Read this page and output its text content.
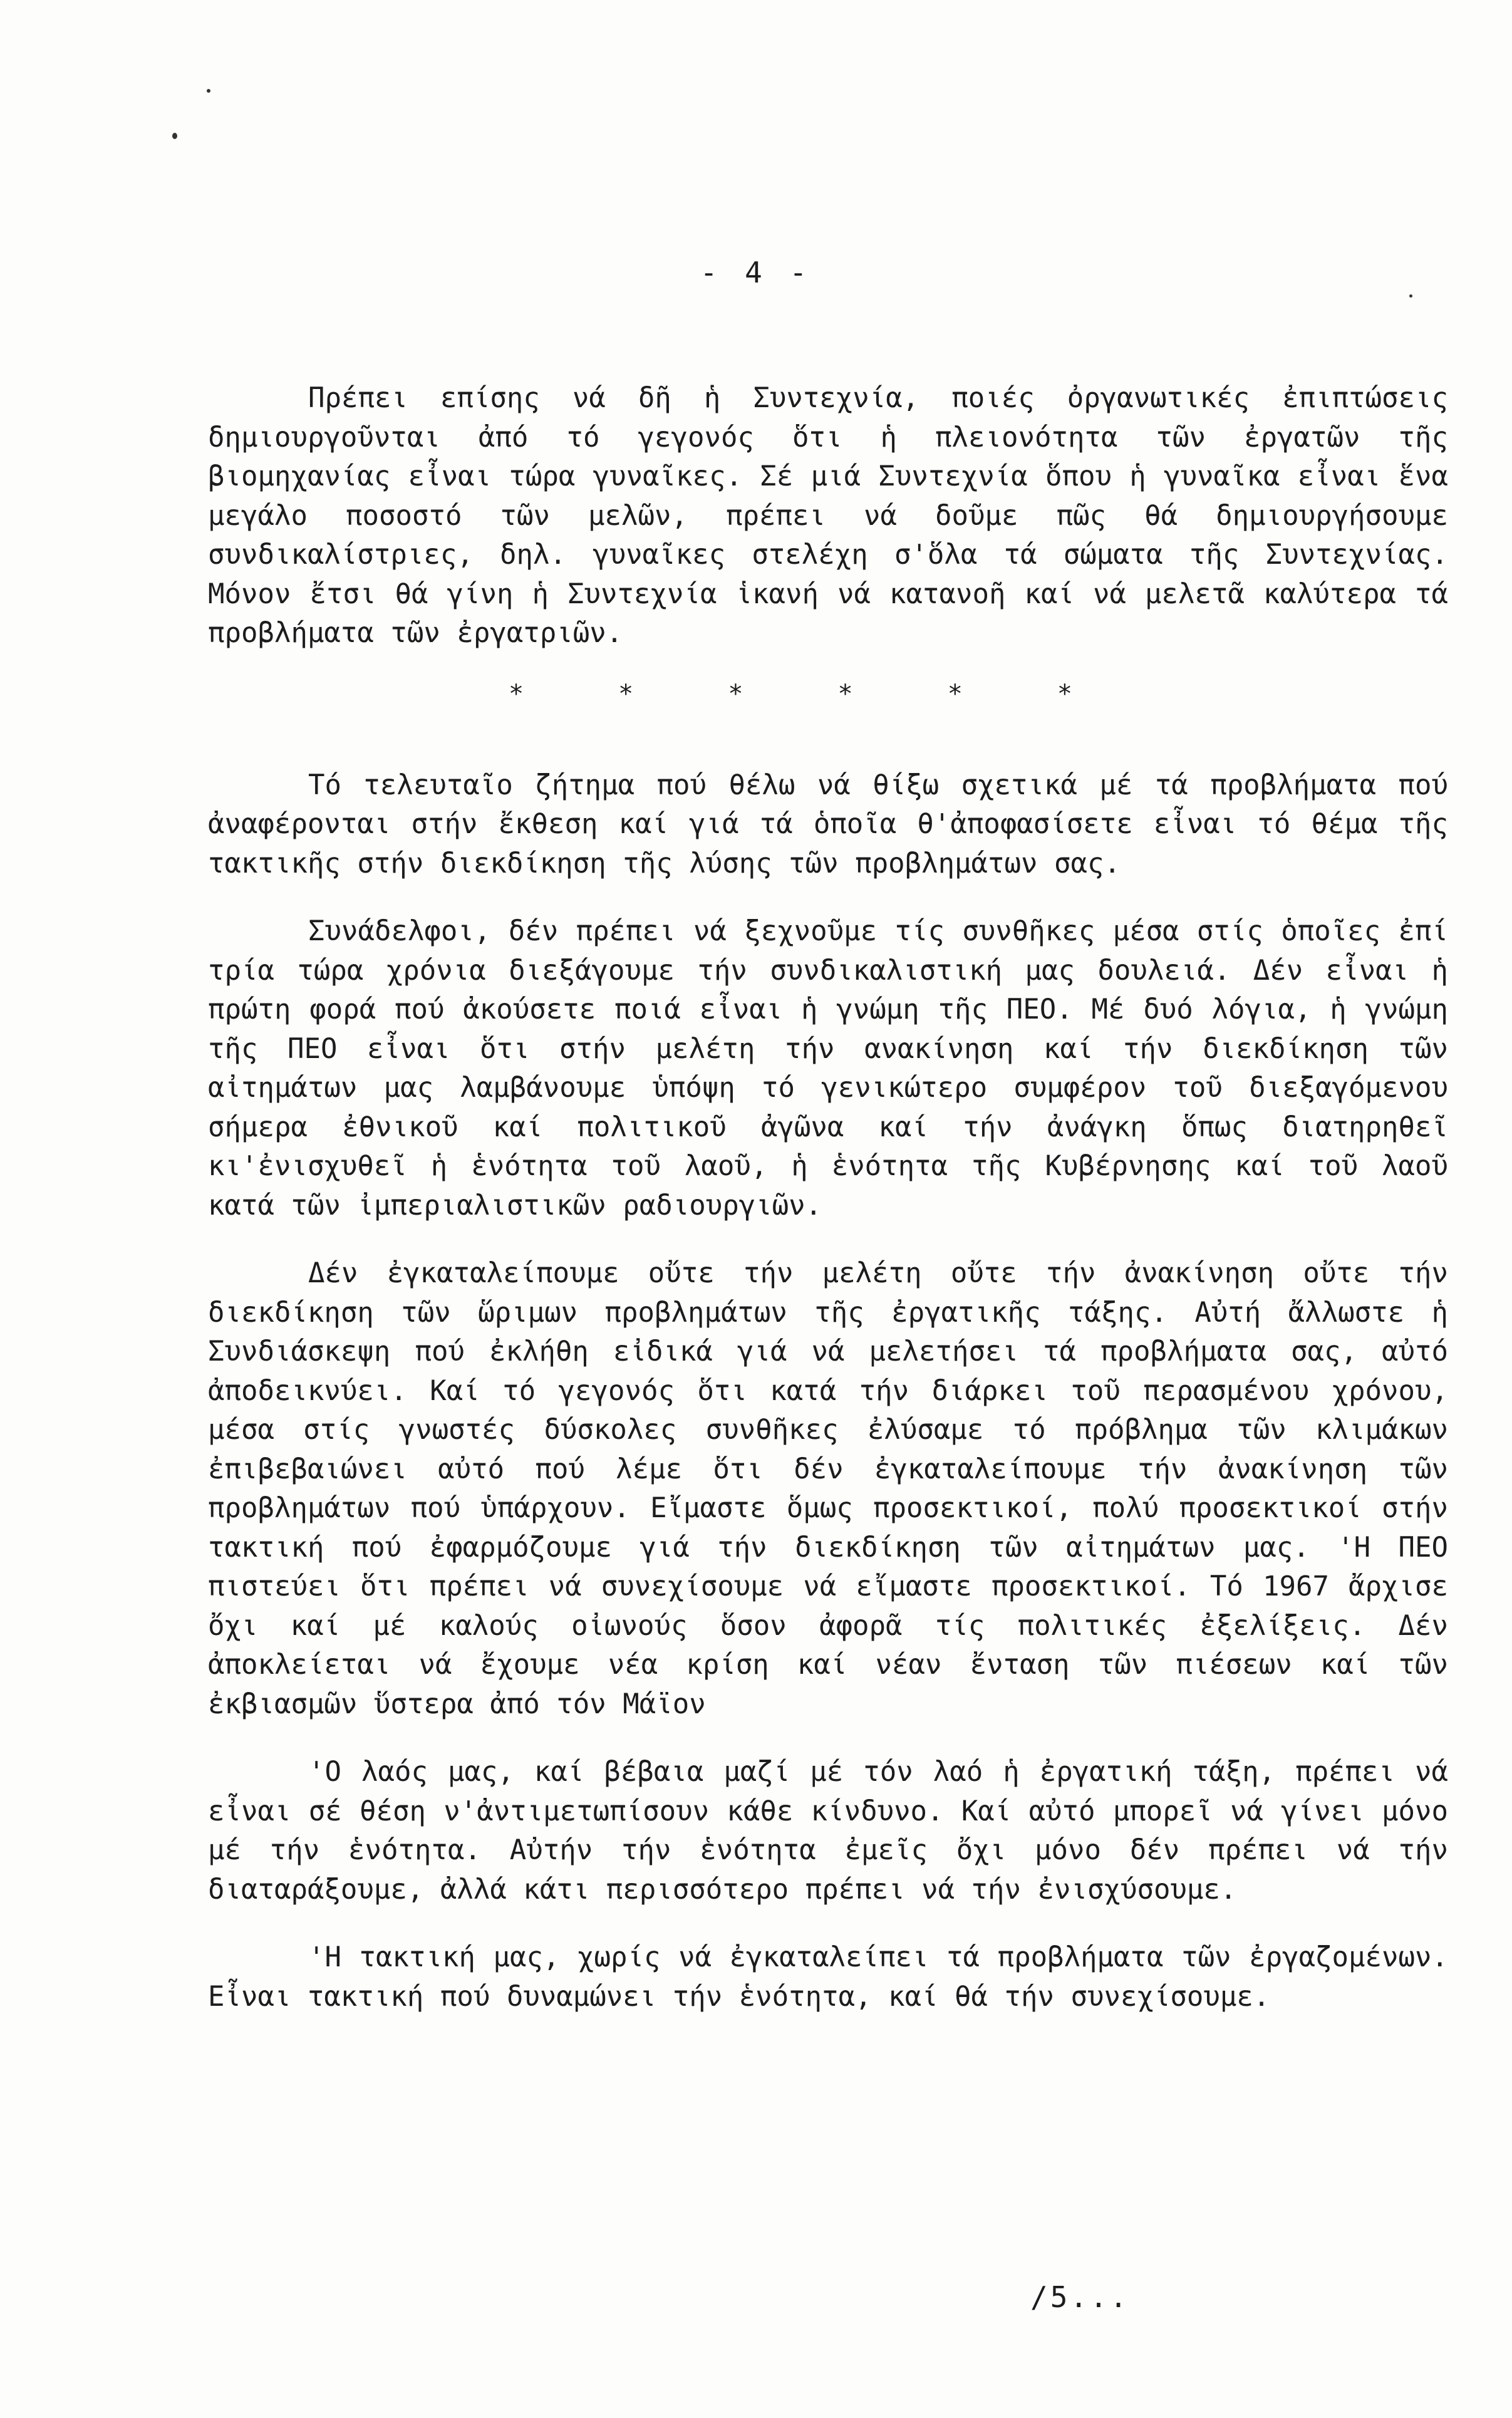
- 4 -

Πρέπει επίσης νά δῆ ἡ Συντεχνία, ποιές ὀργανωτικές ἐπιπτώσεις δημιουργοῦνται ἀπό τό γεγονός ὅτι ἡ πλειονότητα τῶν ἐργατῶν τῆς βιομηχανίας εἶναι τώρα γυναῖκες. Σέ μιά Συντεχνία ὅπου ἡ γυναῖκα εἶναι ἕνα μεγάλο ποσοστό τῶν μελῶν, πρέπει νά δοῦμε πῶς θά δημιουργήσουμε συνδικαλίστριες, δηλ. γυναῖκες στελέχη σ'ὅλα τά σώματα τῆς Συντεχνίας. Μόνον ἔτσι θά γίνη ἡ Συντεχνία ἱκανή νά κατανοῆ καί νά μελετᾶ καλύτερα τά προβλήματα τῶν ἐργατριῶν.

*	*	*	*	*	*

Τό τελευταῖο ζήτημα πού θέλω νά θίξω σχετικά μέ τά προβλήματα πού ἀναφέρονται στήν ἔκθεση καί γιά τά ὁποῖα θ'ἀποφασίσετε εἶναι τό θέμα τῆς τακτικῆς στήν διεκδίκηση τῆς λύσης τῶν προβλημάτων σας.

Συνάδελφοι, δέν πρέπει νά ξεχνοῦμε τίς συνθῆκες μέσα στίς ὁποῖες ἐπί τρία τώρα χρόνια διεξάγουμε τήν συνδικαλιστική μας δουλειά. Δέν εἶναι ἡ πρώτη φορά πού ἀκούσετε ποιά εἶναι ἡ γνώμη τῆς ΠΕΟ. Μέ δυό λόγια, ἡ γνώμη τῆς ΠΕΟ εἶναι ὅτι στήν μελέτη τήν ανακίνηση καί τήν διεκδίκηση τῶν αἰτημάτων μας λαμβάνουμε ὑπόψη τό γενικώτερο συμφέρον τοῦ διεξαγόμενου σήμερα ἐθνικοῦ καί πολιτικοῦ ἀγῶνα καί τήν ἀνάγκη ὅπως διατηρηθεῖ κι'ἐνισχυθεῖ ἡ ἑνότητα τοῦ λαοῦ, ἡ ἑνότητα τῆς Κυβέρνησης καί τοῦ λαοῦ κατά τῶν ἰμπεριαλιστικῶν ραδιουργιῶν.

Δέν ἐγκαταλείπουμε οὔτε τήν μελέτη οὔτε τήν ἀνακίνηση οὔτε τήν διεκδίκηση τῶν ὥριμων προβλημάτων τῆς ἐργατικῆς τάξης. Αὐτή ἄλλωστε ἡ Συνδιάσκεψη πού ἐκλήθη εἰδικά γιά νά μελετήσει τά προβλήματα σας, αὐτό ἀποδεικνύει. Καί τό γεγονός ὅτι κατά τήν διάρκει τοῦ περασμένου χρόνου, μέσα στίς γνωστές δύσκολες συνθῆκες ἐλύσαμε τό πρόβλημα τῶν κλιμάκων ἐπιβεβαιώνει αὐτό πού λέμε ὅτι δέν ἐγκαταλείπουμε τήν ἀνακίνηση τῶν προβλημάτων πού ὑπάρχουν. Εἴμαστε ὅμως προσεκτικοί, πολύ προσεκτικοί στήν τακτική πού ἐφαρμόζουμε γιά τήν διεκδίκηση τῶν αἰτημάτων μας. 'Η ΠΕΟ πιστεύει ὅτι πρέπει νά συνεχίσουμε νά εἴμαστε προσεκτικοί. Τό 1967 ἄρχισε ὄχι καί μέ καλούς οἰωνούς ὅσον ἀφορᾶ τίς πολιτικές ἐξελίξεις. Δέν ἀποκλείεται νά ἔχουμε νέα κρίση καί νέαν ἔνταση τῶν πιέσεων καί τῶν ἐκβιασμῶν ὕστερα ἀπό τόν Μάϊον

'Ο λαός μας, καί βέβαια μαζί μέ τόν λαό ἡ ἐργατική τάξη, πρέπει νά εἶναι σέ θέση ν'ἀντιμετωπίσουν κάθε κίνδυνο. Καί αὐτό μπορεῖ νά γίνει μόνο μέ τήν ἑνότητα. Αὐτήν τήν ἑνότητα ἐμεῖς ὄχι μόνο δέν πρέπει νά τήν διαταράξουμε, ἀλλά κάτι περισσότερο πρέπει νά τήν ἐνισχύσουμε.

'Η τακτική μας, χωρίς νά ἐγκαταλείπει τά προβλήματα τῶν ἐργαζομένων. Εἶναι τακτική πού δυναμώνει τήν ἑνότητα, καί θά τήν συνεχίσουμε.

/5...
